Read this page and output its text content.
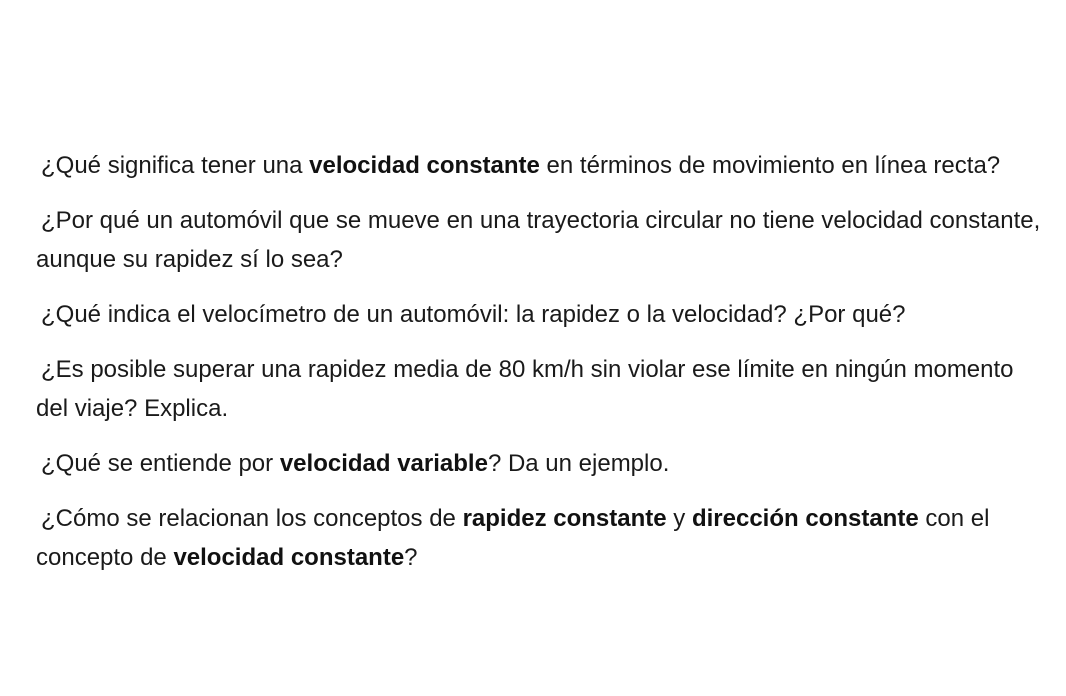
¿Qué significa tener una velocidad constante en términos de movimiento en línea recta?

¿Por qué un automóvil que se mueve en una trayectoria circular no tiene velocidad constante, aunque su rapidez sí lo sea?

¿Qué indica el velocímetro de un automóvil: la rapidez o la velocidad? ¿Por qué?

¿Es posible superar una rapidez media de 80 km/h sin violar ese límite en ningún momento del viaje? Explica.

¿Qué se entiende por velocidad variable? Da un ejemplo.

¿Cómo se relacionan los conceptos de rapidez constante y dirección constante con el concepto de velocidad constante?
